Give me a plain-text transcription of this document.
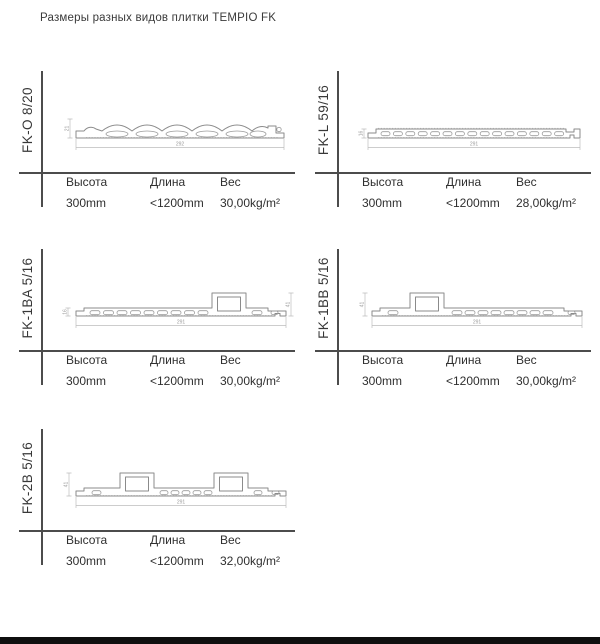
Размеры разных видов плитки TEMPIO FK
FK-O 8/20	21
292
Высота	Длина	Вес
300mm	<1200mm 30,00kg/m²
FK-L 59/16	16
291
Высота	Длина	Вес
300mm	<1200mm 28,00kg/m²
FK-1BA 5/16	16
41
291
Высота	Длина	Вес
300mm	<1200mm 30,00kg/m²
FK-1BB 5/16	41
291
Высота	Длина	Вес
300mm	<1200mm 30,00kg/m²
FK-2B 5/16	41
291
Высота	Длина	Вес
300mm	<1200mm 32,00kg/m²
